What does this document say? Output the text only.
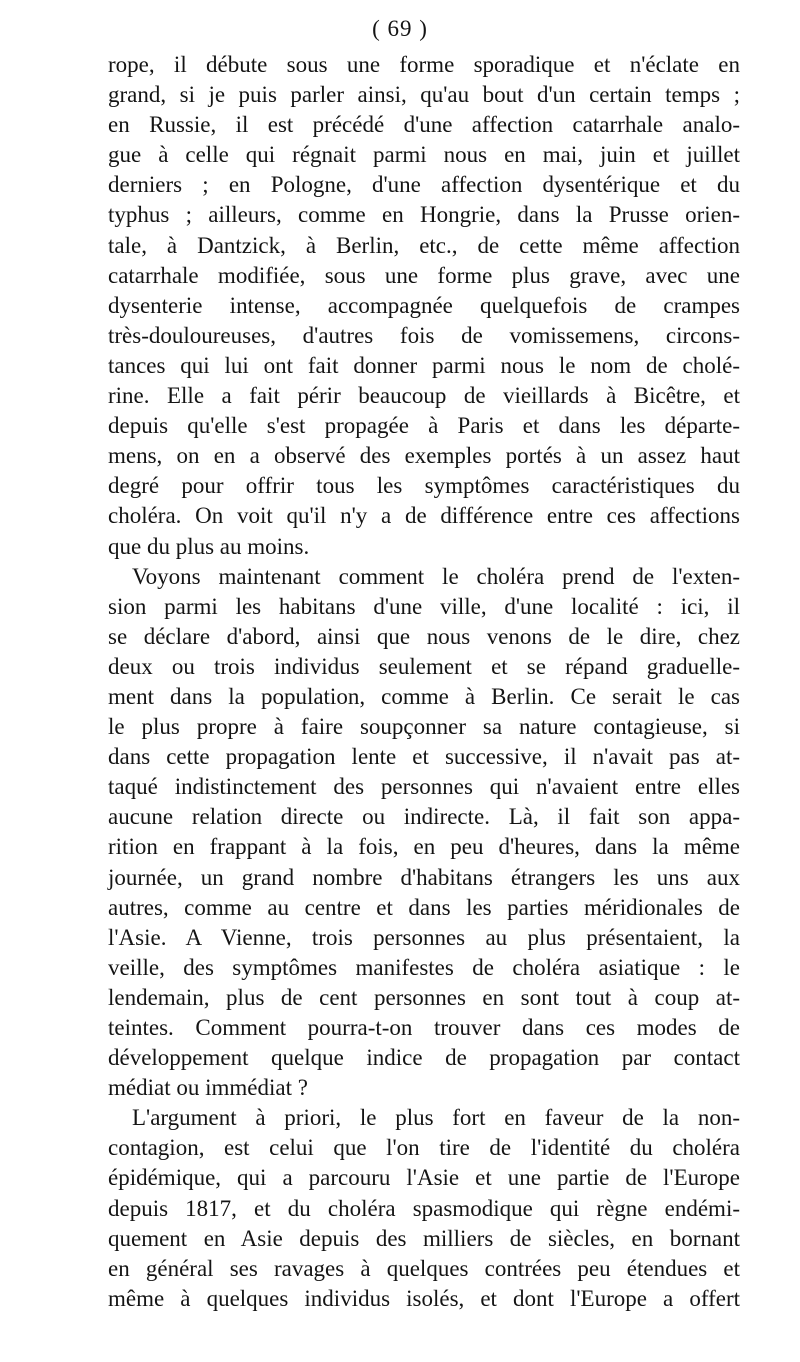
( 69 )
rope, il débute sous une forme sporadique et n'éclate en
grand, si je puis parler ainsi, qu'au bout d'un certain temps ;
en Russie, il est précédé d'une affection catarrhale analo-
gue à celle qui régnait parmi nous en mai, juin et juillet
derniers ; en Pologne, d'une affection dysentérique et du
typhus ; ailleurs, comme en Hongrie, dans la Prusse orien-
tale, à Dantzick, à Berlin, etc., de cette même affection
catarrhale modifiée, sous une forme plus grave, avec une
dysenterie intense, accompagnée quelquefois de crampes
très-douloureuses, d'autres fois de vomissemens, circons-
tances qui lui ont fait donner parmi nous le nom de cholé-
rine. Elle a fait périr beaucoup de vieillards à Bicêtre, et
depuis qu'elle s'est propagée à Paris et dans les départe-
mens, on en a observé des exemples portés à un assez haut
degré pour offrir tous les symptômes caractéristiques du
choléra. On voit qu'il n'y a de différence entre ces affections
que du plus au moins.
Voyons maintenant comment le choléra prend de l'exten-
sion parmi les habitans d'une ville, d'une localité : ici, il
se déclare d'abord, ainsi que nous venons de le dire, chez
deux ou trois individus seulement et se répand graduelle-
ment dans la population, comme à Berlin. Ce serait le cas
le plus propre à faire soupçonner sa nature contagieuse, si
dans cette propagation lente et successive, il n'avait pas at-
taqué indistinctement des personnes qui n'avaient entre elles
aucune relation directe ou indirecte. Là, il fait son appa-
rition en frappant à la fois, en peu d'heures, dans la même
journée, un grand nombre d'habitans étrangers les uns aux
autres, comme au centre et dans les parties méridionales de
l'Asie. A Vienne, trois personnes au plus présentaient, la
veille, des symptômes manifestes de choléra asiatique : le
lendemain, plus de cent personnes en sont tout à coup at-
teintes. Comment pourra-t-on trouver dans ces modes de
développement quelque indice de propagation par contact
médiat ou immédiat ?
L'argument à priori, le plus fort en faveur de la non-
contagion, est celui que l'on tire de l'identité du choléra
épidémique, qui a parcouru l'Asie et une partie de l'Europe
depuis 1817, et du choléra spasmodique qui règne endémi-
quement en Asie depuis des milliers de siècles, en bornant
en général ses ravages à quelques contrées peu étendues et
même à quelques individus isolés, et dont l'Europe a offert
